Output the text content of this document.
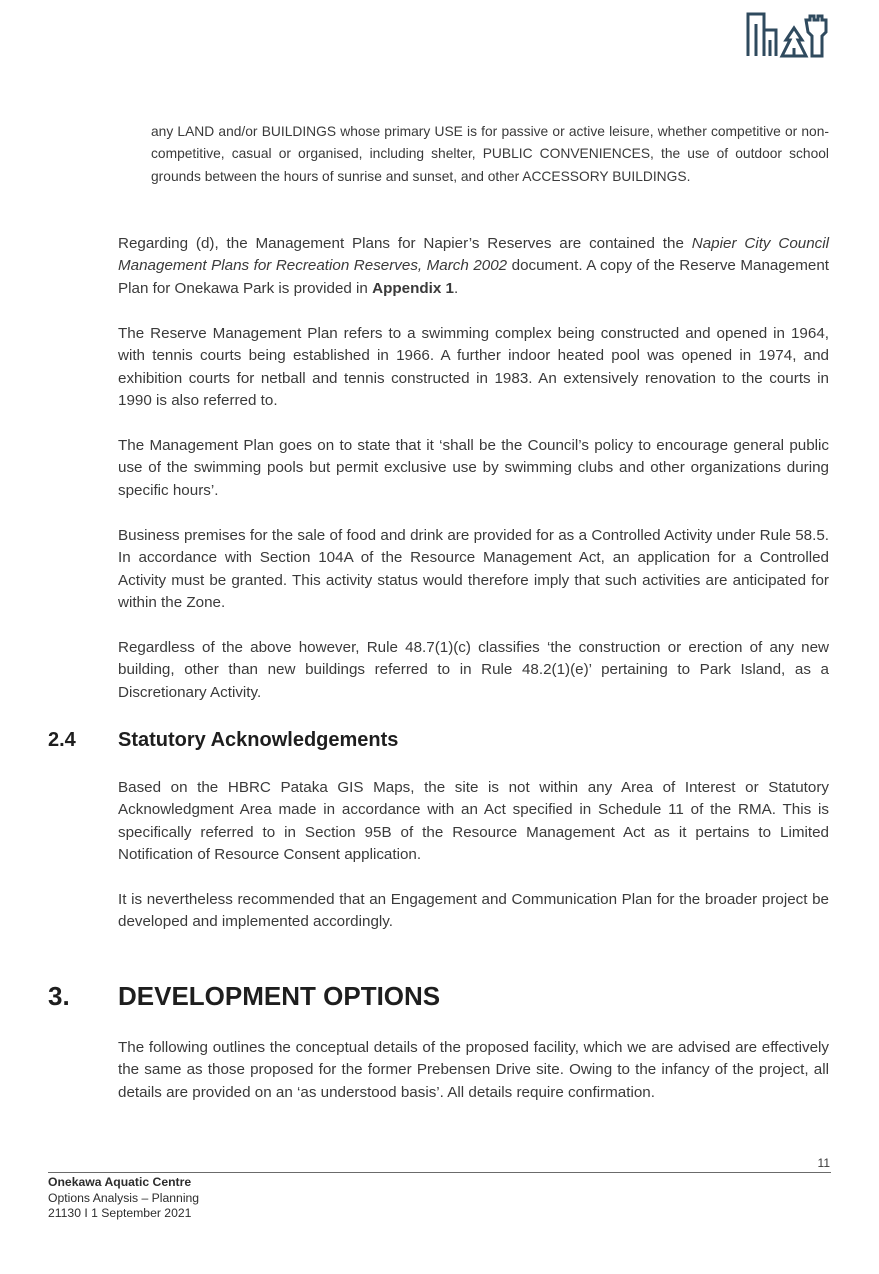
any LAND and/or BUILDINGS whose primary USE is for passive or active leisure, whether competitive or non-competitive, casual or organised, including shelter, PUBLIC CONVENIENCES, the use of outdoor school grounds between the hours of sunrise and sunset, and other ACCESSORY BUILDINGS.
Regarding (d), the Management Plans for Napier’s Reserves are contained the Napier City Council Management Plans for Recreation Reserves, March 2002 document. A copy of the Reserve Management Plan for Onekawa Park is provided in Appendix 1.
The Reserve Management Plan refers to a swimming complex being constructed and opened in 1964, with tennis courts being established in 1966. A further indoor heated pool was opened in 1974, and exhibition courts for netball and tennis constructed in 1983. An extensively renovation to the courts in 1990 is also referred to.
The Management Plan goes on to state that it ‘shall be the Council’s policy to encourage general public use of the swimming pools but permit exclusive use by swimming clubs and other organizations during specific hours’.
Business premises for the sale of food and drink are provided for as a Controlled Activity under Rule 58.5. In accordance with Section 104A of the Resource Management Act, an application for a Controlled Activity must be granted. This activity status would therefore imply that such activities are anticipated for within the Zone.
Regardless of the above however, Rule 48.7(1)(c) classifies ‘the construction or erection of any new building, other than new buildings referred to in Rule 48.2(1)(e)’ pertaining to Park Island, as a Discretionary Activity.
2.4 Statutory Acknowledgements
Based on the HBRC Pataka GIS Maps, the site is not within any Area of Interest or Statutory Acknowledgment Area made in accordance with an Act specified in Schedule 11 of the RMA. This is specifically referred to in Section 95B of the Resource Management Act as it pertains to Limited Notification of Resource Consent application.
It is nevertheless recommended that an Engagement and Communication Plan for the broader project be developed and implemented accordingly.
3. DEVELOPMENT OPTIONS
The following outlines the conceptual details of the proposed facility, which we are advised are effectively the same as those proposed for the former Prebensen Drive site. Owing to the infancy of the project, all details are provided on an ‘as understood basis’. All details require confirmation.
11
Onekawa Aquatic Centre
Options Analysis – Planning
21130 I 1 September 2021
